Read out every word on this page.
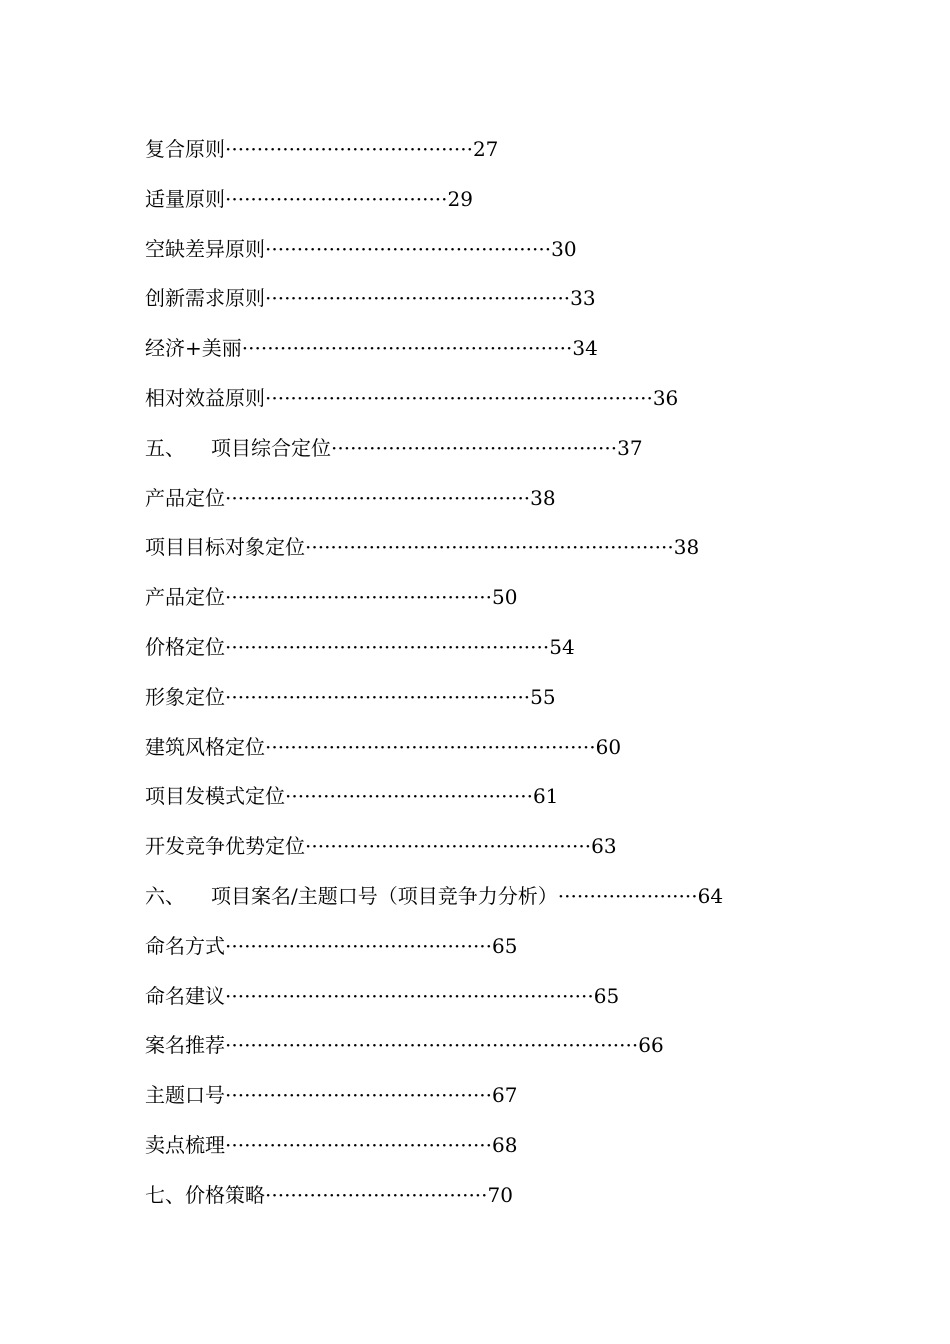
复合原则·······································27
适量原则···································29
空缺差异原则·············································30
创新需求原则················································33
经济+美丽····················································34
相对效益原则·····························································36
五、 项目综合定位·············································37
产品定位················································38
项目目标对象定位··························································38
产品定位··········································50
价格定位···················································54
形象定位················································55
建筑风格定位····················································60
项目发模式定位·······································61
开发竞争优势定位·············································63
六、 项目案名/主题口号（项目竞争力分析）······················64
命名方式··········································65
命名建议··························································65
案名推荐·································································66
主题口号··········································67
卖点梳理··········································68
七、价格策略···································70
